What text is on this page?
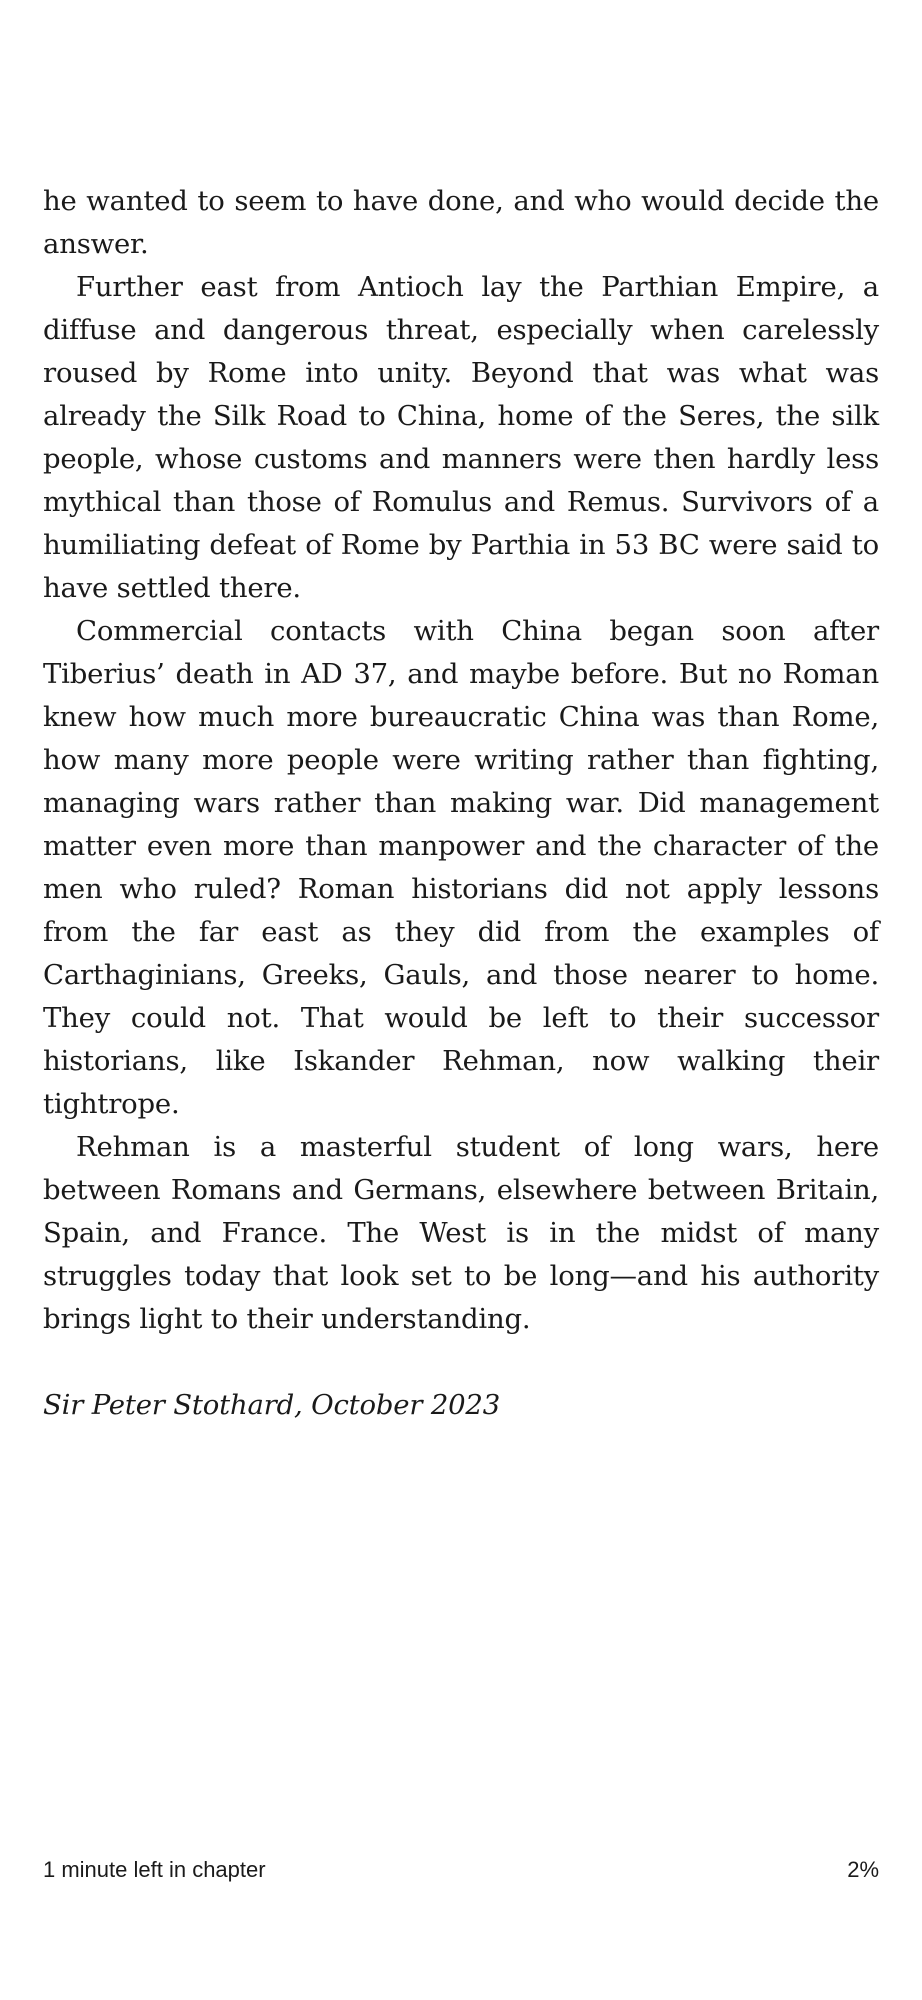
he wanted to seem to have done, and who would decide the answer.

Further east from Antioch lay the Parthian Empire, a diffuse and dangerous threat, especially when carelessly roused by Rome into unity. Beyond that was what was already the Silk Road to China, home of the Seres, the silk people, whose customs and manners were then hardly less mythical than those of Romulus and Remus. Survivors of a humiliating defeat of Rome by Parthia in 53 BC were said to have settled there.

Commercial contacts with China began soon after Tiberius’ death in AD 37, and maybe before. But no Roman knew how much more bureaucratic China was than Rome, how many more people were writing rather than fighting, managing wars rather than making war. Did management matter even more than manpower and the character of the men who ruled? Roman historians did not apply lessons from the far east as they did from the examples of Carthaginians, Greeks, Gauls, and those nearer to home. They could not. That would be left to their successor historians, like Iskander Rehman, now walking their tightrope.

Rehman is a masterful student of long wars, here between Romans and Germans, elsewhere between Britain, Spain, and France. The West is in the midst of many struggles today that look set to be long—and his authority brings light to their understanding.

Sir Peter Stothard, October 2023

1 minute left in chapter	2%
